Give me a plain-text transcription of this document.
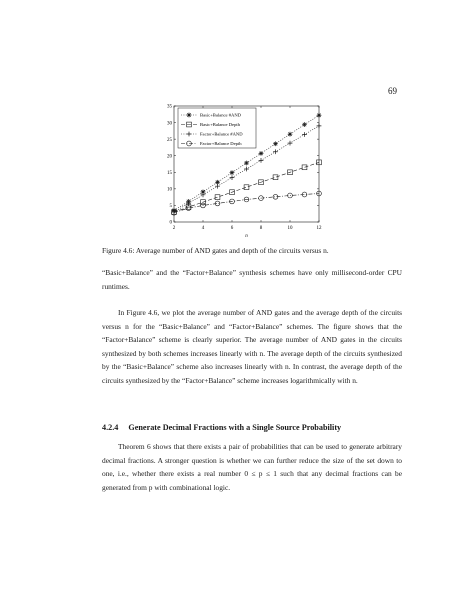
69
2	4	6	8	10	12
0
5
10
15
20
25
30
35
n
Basic+Balance #AND
Basic+Balance Depth
Factor+Balance #AND
Factor+Balance Depth
Figure 4.6: Average number of AND gates and depth of the circuits versus n.

“Basic+Balance” and the “Factor+Balance” synthesis schemes have only millisecond-order CPU runtimes.

In Figure 4.6, we plot the average number of AND gates and the average depth of the circuits versus n for the “Basic+Balance” and “Factor+Balance” schemes. The figure shows that the “Factor+Balance” scheme is clearly superior. The average number of AND gates in the circuits synthesized by both schemes increases linearly with n. The average depth of the circuits synthesized by the “Basic+Balance” scheme also increases linearly with n. In contrast, the average depth of the circuits synthesized by the “Factor+Balance” scheme increases logarithmically with n.

4.2.4 Generate Decimal Fractions with a Single Source Probability

Theorem 6 shows that there exists a pair of probabilities that can be used to generate arbitrary decimal fractions. A stronger question is whether we can further reduce the size of the set down to one, i.e., whether there exists a real number 0 ≤ p ≤ 1 such that any decimal fractions can be generated from p with combinational logic.
